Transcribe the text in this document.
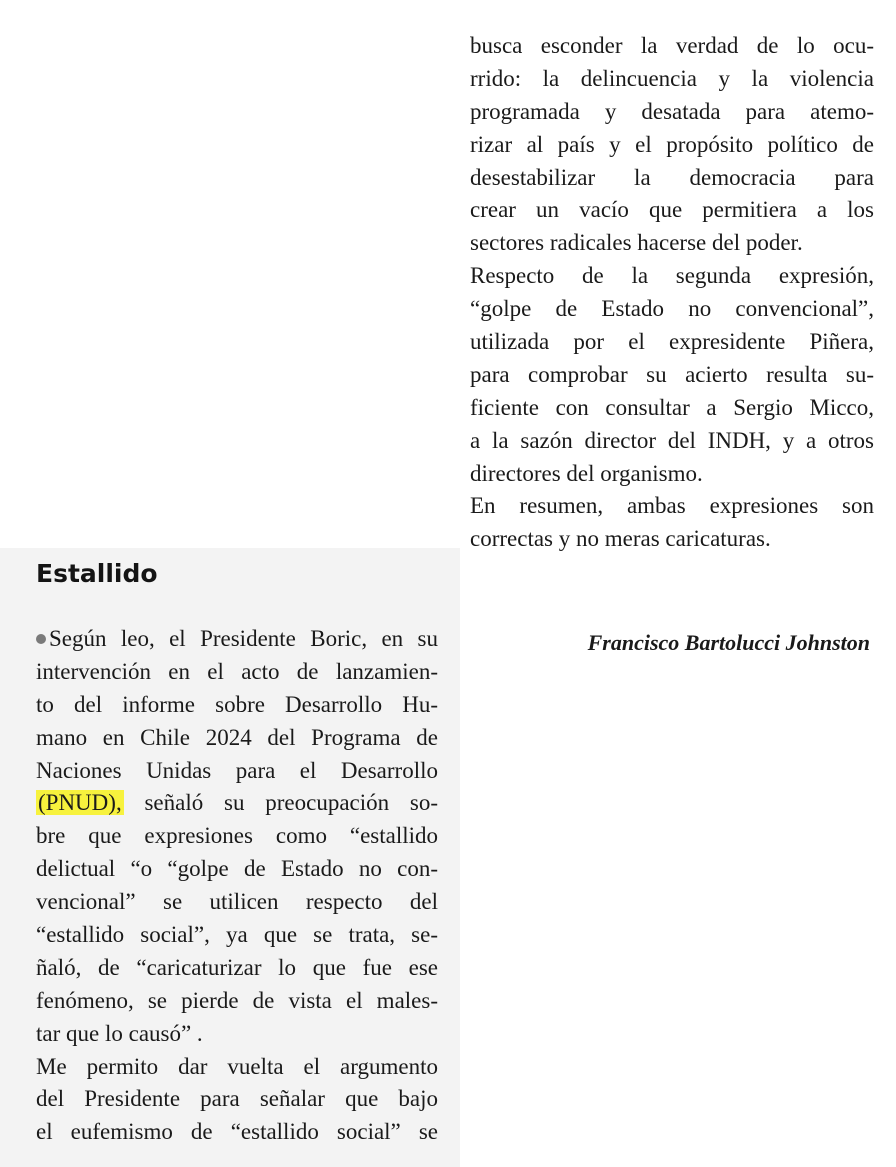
busca esconder la verdad de lo ocu-
rrido: la delincuencia y la violencia
programada y desatada para atemo-
rizar al país y el propósito político de
desestabilizar la democracia para
crear un vacío que permitiera a los
sectores radicales hacerse del poder.
Respecto de la segunda expresión,
“golpe de Estado no convencional”,
utilizada por el expresidente Piñera,
para comprobar su acierto resulta su-
ficiente con consultar a Sergio Micco,
a la sazón director del INDH, y a otros
directores del organismo.
En resumen, ambas expresiones son
correctas y no meras caricaturas.
Estallido
Francisco Bartolucci Johnston
Según leo, el Presidente Boric, en su
intervención en el acto de lanzamien-
to del informe sobre Desarrollo Hu-
mano en Chile 2024 del Programa de
Naciones Unidas para el Desarrollo
(PNUD), señaló su preocupación so-
bre que expresiones como “estallido
delictual “o “golpe de Estado no con-
vencional” se utilicen respecto del
“estallido social”, ya que se trata, se-
ñaló, de “caricaturizar lo que fue ese
fenómeno, se pierde de vista el males-
tar que lo causó” .
Me permito dar vuelta el argumento
del Presidente para señalar que bajo
el eufemismo de “estallido social” se
